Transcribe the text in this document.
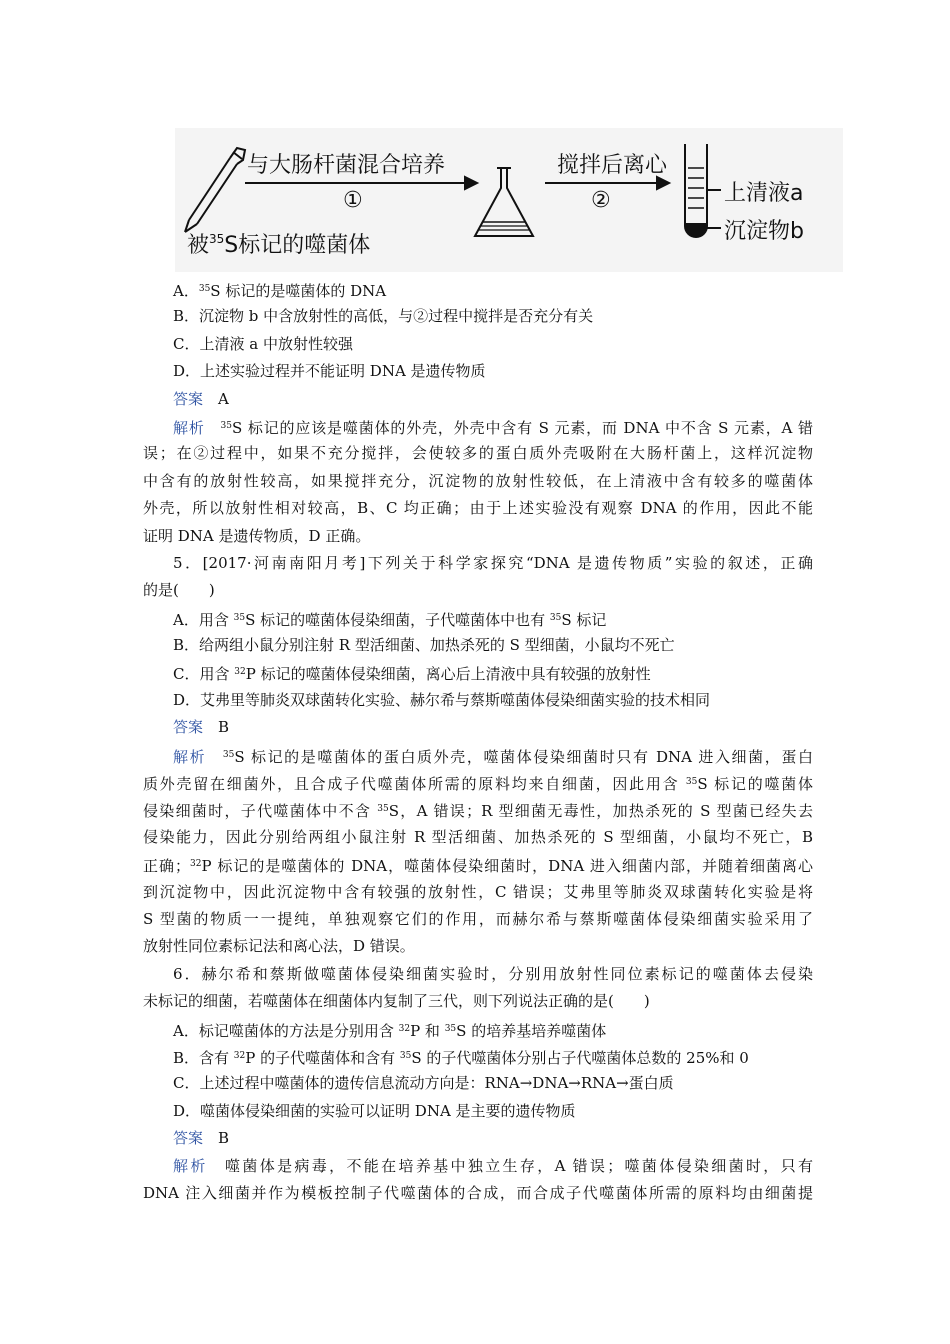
与大肠杆菌混合培养
①
搅拌后离心
②
被$^{35}$S标记的噬菌体
上清液a
沉淀物b
A．$^{35}$S 标记的是噬菌体的 DNA
B．沉淀物 b 中含放射性的高低，与②过程中搅拌是否充分有关
C．上清液 a 中放射性较强
D．上述实验过程并不能证明 DNA 是遗传物质
答案　A
解析　 $^{35}$S 标记的应该是噬菌体的外壳，外壳中含有 S 元素，而 DNA 中不含 S 元素，A 错
误；在②过程中，如果不充分搅拌，会使较多的蛋白质外壳吸附在大肠杆菌上，这样沉淀物
中含有的放射性较高，如果搅拌充分，沉淀物的放射性较低，在上清液中含有较多的噬菌体
外壳，所以放射性相对较高，B、C 均正确；由于上述实验没有观察 DNA 的作用，因此不能
证明 DNA 是遗传物质，D 正确。
5．[2017·河南南阳月考]下列关于科学家探究“DNA 是遗传物质”实验的叙述，正确
的是(　　)
A．用含 $^{35}$S 标记的噬菌体侵染细菌，子代噬菌体中也有 $^{35}$S 标记
B．给两组小鼠分别注射 R 型活细菌、加热杀死的 S 型细菌，小鼠均不死亡
C．用含 $^{32}$P 标记的噬菌体侵染细菌，离心后上清液中具有较强的放射性
D．艾弗里等肺炎双球菌转化实验、赫尔希与蔡斯噬菌体侵染细菌实验的技术相同
答案　B
解析　 $^{35}$S 标记的是噬菌体的蛋白质外壳，噬菌体侵染细菌时只有 DNA 进入细菌，蛋白
质外壳留在细菌外，且合成子代噬菌体所需的原料均来自细菌，因此用含 $^{35}$S 标记的噬菌体
侵染细菌时，子代噬菌体中不含 $^{35}$S，A 错误；R 型细菌无毒性，加热杀死的 S 型菌已经失去
侵染能力，因此分别给两组小鼠注射 R 型活细菌、加热杀死的 S 型细菌，小鼠均不死亡，B
正确；$^{32}$P 标记的是噬菌体的 DNA，噬菌体侵染细菌时，DNA 进入细菌内部，并随着细菌离心
到沉淀物中，因此沉淀物中含有较强的放射性，C 错误；艾弗里等肺炎双球菌转化实验是将
S 型菌的物质一一提纯，单独观察它们的作用，而赫尔希与蔡斯噬菌体侵染细菌实验采用了
放射性同位素标记法和离心法，D 错误。
6．赫尔希和蔡斯做噬菌体侵染细菌实验时，分别用放射性同位素标记的噬菌体去侵染
未标记的细菌，若噬菌体在细菌体内复制了三代，则下列说法正确的是(　　)
A．标记噬菌体的方法是分别用含 $^{32}$P 和 $^{35}$S 的培养基培养噬菌体
B．含有 $^{32}$P 的子代噬菌体和含有 $^{35}$S 的子代噬菌体分别占子代噬菌体总数的 25%和 0
C．上述过程中噬菌体的遗传信息流动方向是：RNA→DNA→RNA→蛋白质
D．噬菌体侵染细菌的实验可以证明 DNA 是主要的遗传物质
答案　B
解析　噬菌体是病毒，不能在培养基中独立生存，A 错误；噬菌体侵染细菌时，只有
DNA 注入细菌并作为模板控制子代噬菌体的合成，而合成子代噬菌体所需的原料均由细菌提
